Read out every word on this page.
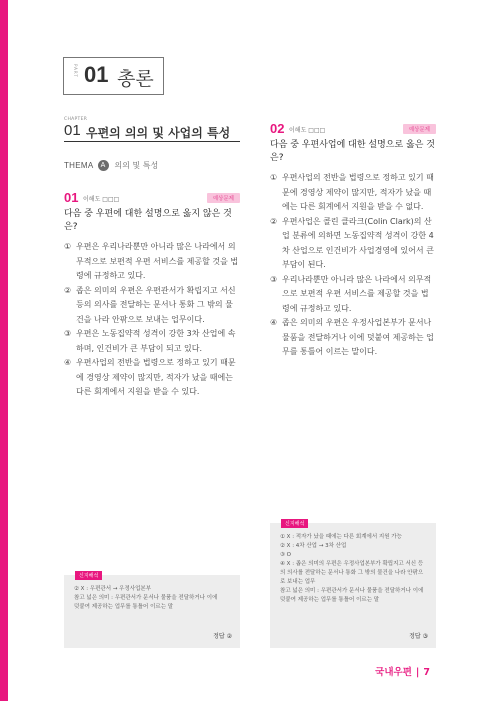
PART 01 총론
CHAPTER
01 우편의 의의 및 사업의 특성
THEMA	A	의의 및 특성
01 이해도 □□□	예상문제
다음 중 우편에 대한 설명으로 옳지 않은 것은?
① 우편은 우리나라뿐만 아니라 많은 나라에서 의무적으로 보편적 우편 서비스를 제공할 것을 법령에 규정하고 있다.
② 좁은 의미의 우편은 우편관서가 확립지고 서신 등의 의사를 전달하는 문서나 통화 그 밖의 물건을 나라 안팎으로 보내는 업무이다.
③ 우편은 노동집약적 성격이 강한 3차 산업에 속하며, 인건비가 큰 부담이 되고 있다.
④ 우편사업의 전반을 법령으로 정하고 있기 때문에 경영상 제약이 많지만, 적자가 났을 때에는 다른 회계에서 지원을 받을 수 있다.
02 이해도 □□□	예상문제
다음 중 우편사업에 대한 설명으로 옳은 것은?
① 우편사업의 전반을 법령으로 정하고 있기 때문에 경영상 제약이 많지만, 적자가 났을 때에는 다른 회계에서 지원을 받을 수 없다.
② 우편사업은 콜린 클라크(Colin Clark)의 산업 분류에 의하면 노동집약적 성격이 강한 4차 산업으로 인건비가 사업경영에 있어서 큰 부담이 된다.
③ 우리나라뿐만 아니라 많은 나라에서 의무적으로 보편적 우편 서비스를 제공할 것을 법령에 규정하고 있다.
④ 좁은 의미의 우편은 우정사업본부가 문서나 물품을 전달하거나 이에 덧붙여 제공하는 업무를 통틀어 이르는 말이다.
신지해석
② X : 우편관서 → 우정사업본부
참고 넓은 의미 : 우편관서가 문서나 물품을 전달하거나 이에
덧붙여 제공하는 업무를 통틀어 이르는 말
정답 ②
신지해석
① X : 적자가 났을 때에는 다른 회계에서 지원 가능
② X : 4차 산업 → 3차 산업
③ O
④ X : 좁은 의미의 우편은 우정사업본부가 확립지고 서신 등
의 의사를 전달하는 문서나 통화 그 밖의 물건을 나라 안팎으
로 보내는 업무
참고 넓은 의미 : 우편관서가 문서나 물품을 전달하거나 이에
덧붙여 제공하는 업무를 통틀어 이르는 말
정답 ③
국내우편 | 7
